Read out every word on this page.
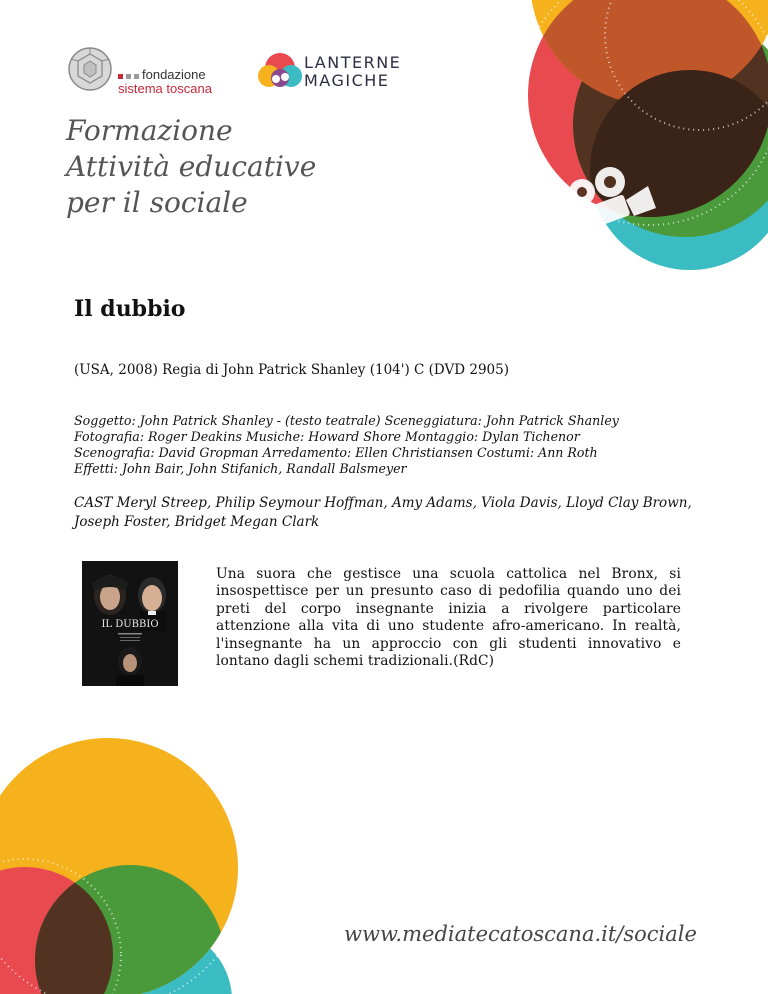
fondazione
sistema toscana
LANTERNE
MAGICHE
Formazione
Attività educative
per il sociale
Il dubbio
(USA, 2008) Regia di John Patrick Shanley (104') C (DVD 2905)
Soggetto: John Patrick Shanley - (testo teatrale) Sceneggiatura: John Patrick Shanley
Fotografia: Roger Deakins Musiche: Howard Shore Montaggio: Dylan Tichenor
Scenografia: David Gropman Arredamento: Ellen Christiansen Costumi: Ann Roth
Effetti: John Bair, John Stifanich, Randall Balsmeyer
CAST Meryl Streep, Philip Seymour Hoffman, Amy Adams, Viola Davis, Lloyd Clay Brown, Joseph Foster, Bridget Megan Clark
IL DUBBIO
Una suora che gestisce una scuola cattolica nel Bronx, si insospettisce per un presunto caso di pedofilia quando uno dei preti del corpo insegnante inizia a rivolgere particolare attenzione alla vita di uno studente afro-americano. In realtà, l'insegnante ha un approccio con gli studenti innovativo e lontano dagli schemi tradizionali.(RdC)
www.mediatecatoscana.it/sociale
